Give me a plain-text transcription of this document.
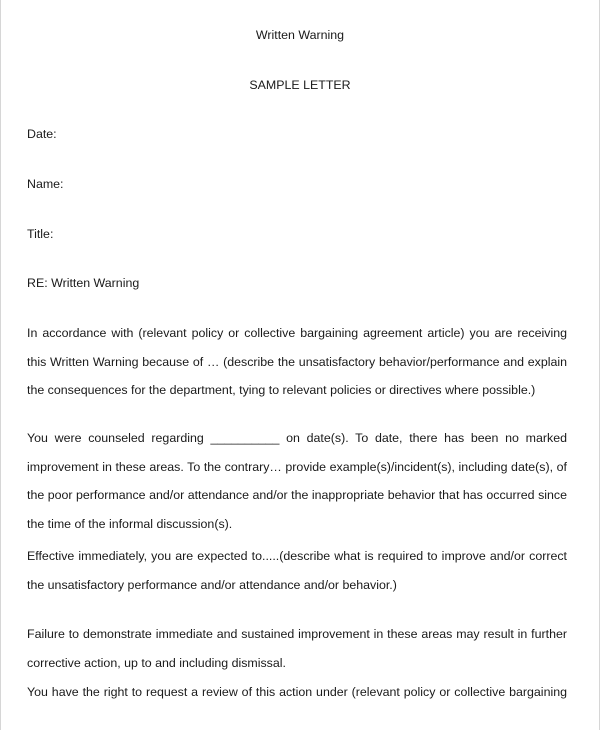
Written Warning
SAMPLE LETTER
Date:
Name:
Title:
RE: Written Warning
In accordance with (relevant policy or collective bargaining agreement article) you are receiving this Written Warning because of … (describe the unsatisfactory behavior/performance and explain the consequences for the department, tying to relevant policies or directives where possible.)
You were counseled regarding __________ on date(s). To date, there has been no marked improvement in these areas. To the contrary… provide example(s)/incident(s), including date(s), of the poor performance and/or attendance and/or the inappropriate behavior that has occurred since the time of the informal discussion(s).
Effective immediately, you are expected to.....(describe what is required to improve and/or correct the unsatisfactory performance and/or attendance and/or behavior.)
Failure to demonstrate immediate and sustained improvement in these areas may result in further corrective action, up to and including dismissal.
You have the right to request a review of this action under (relevant policy or collective bargaining
